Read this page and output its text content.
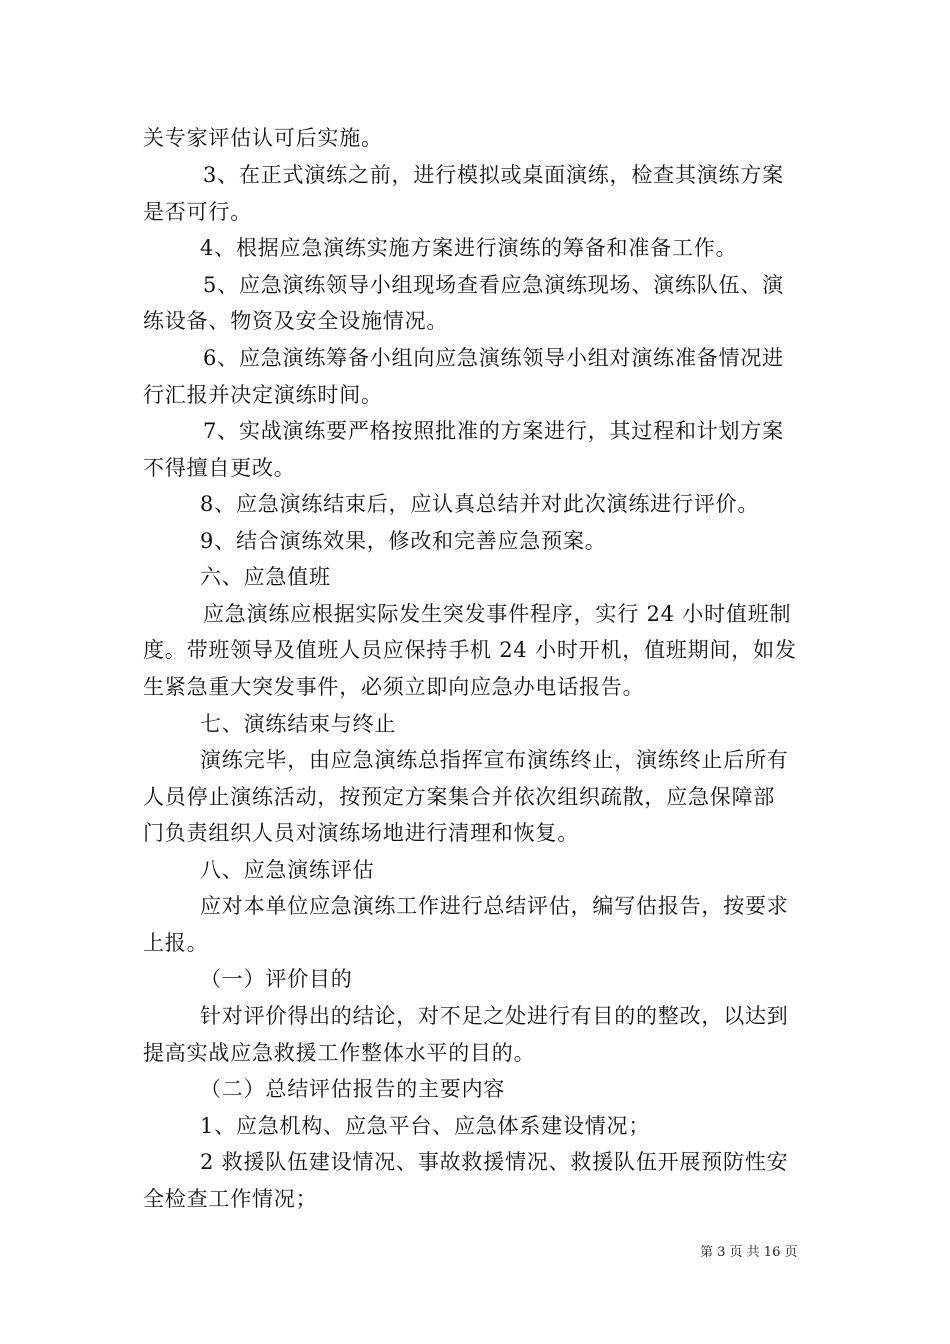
关专家评估认可后实施。
3、在正式演练之前，进行模拟或桌面演练，检查其演练方案
是否可行。
4、根据应急演练实施方案进行演练的筹备和准备工作。
5、应急演练领导小组现场查看应急演练现场、演练队伍、演
练设备、物资及安全设施情况。
6、应急演练筹备小组向应急演练领导小组对演练准备情况进
行汇报并决定演练时间。
7、实战演练要严格按照批准的方案进行，其过程和计划方案
不得擅自更改。
8、应急演练结束后，应认真总结并对此次演练进行评价。
9、结合演练效果，修改和完善应急预案。
六、应急值班
应急演练应根据实际发生突发事件程序，实行 24 小时值班制
度。带班领导及值班人员应保持手机 24 小时开机，值班期间，如发
生紧急重大突发事件，必须立即向应急办电话报告。
七、演练结束与终止
演练完毕，由应急演练总指挥宣布演练终止，演练终止后所有
人员停止演练活动，按预定方案集合并依次组织疏散，应急保障部
门负责组织人员对演练场地进行清理和恢复。
八、应急演练评估
应对本单位应急演练工作进行总结评估，编写估报告，按要求
上报。
（一）评价目的
针对评价得出的结论，对不足之处进行有目的的整改，以达到
提高实战应急救援工作整体水平的目的。
（二）总结评估报告的主要内容
1、应急机构、应急平台、应急体系建设情况；
2 救援队伍建设情况、事故救援情况、救援队伍开展预防性安
全检查工作情况；
第 3 页 共 16 页
